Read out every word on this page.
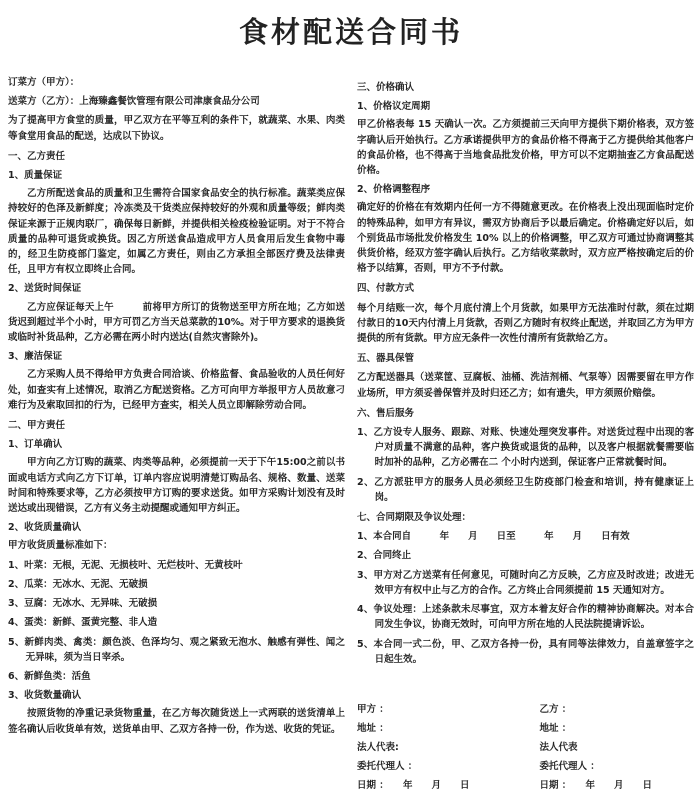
食材配送合同书
订菜方（甲方）：
送菜方（乙方）：上海臻鑫餐饮管理有限公司津康食品分公司
为了提高甲方食堂的质量，甲乙双方在平等互利的条件下，就蔬菜、水果、肉类等食堂用食品的配送，达成以下协议。
一、乙方责任
1、质量保证
乙方所配送食品的质量和卫生需符合国家食品安全的执行标准。蔬菜类应保持较好的色泽及新鲜度；冷冻类及干货类应保持较好的外观和质量等级；鲜肉类保证来源于正规肉联厂，确保每日新鲜，并提供相关检疫检验证明。对于不符合质量的品种可退货或换货。因乙方所送食品造成甲方人员食用后发生食物中毒的，经卫生防疫部门鉴定，如属乙方责任，则由乙方承担全部医疗费及法律责任，且甲方有权立即终止合同。
2、送货时间保证
乙方应保证每天上午　　　前将甲方所订的货物送至甲方所在地；乙方如送货迟到超过半个小时，甲方可罚乙方当天总菜款的10%。对于甲方要求的退换货或临时补货品种，乙方必需在两小时内送达(自然灾害除外)。
3、廉洁保证
乙方采购人员不得给甲方负责合同洽谈、价格监督、食品验收的人员任何好处，如查实有上述情况，取消乙方配送资格。乙方可向甲方举报甲方人员故意刁难行为及索取回扣的行为，已经甲方查实，相关人员立即解除劳动合同。
二、甲方责任
1、订单确认
甲方向乙方订购的蔬菜、肉类等品种，必须提前一天于下午15:00之前以书面或电话方式向乙方下订单，订单内容应说明清楚订购品名、规格、数量、送菜时间和特殊要求等，乙方必须按甲方订购的要求送货。如甲方采购计划没有及时送达或出现错误，乙方有义务主动提醒或通知甲方纠正。
2、收货质量确认
甲方收货质量标准如下：
1、叶菜：无根，无泥、无损枝叶、无烂枝叶、无黄枝叶
2、瓜菜：无冰水、无泥、无破损
3、豆腐：无冰水、无异味、无破损
4、蛋类：新鲜、蛋黄完整、非人造
5、新鲜肉类、禽类：颜色淡、色泽均匀、观之紧致无泡水、触感有弹性、闻之无异味，须为当日宰杀。
6、新鲜鱼类：活鱼
3、收货数量确认
按照货物的净重记录货物重量，在乙方每次随货送上一式两联的送货清单上签名确认后收货单有效，送货单由甲、乙双方各持一份，作为送、收货的凭证。
三、价格确认
1、价格议定周期
甲乙价格表每 15 天确认一次。乙方须提前三天向甲方提供下期价格表，双方签字确认后开始执行。乙方承诺提供甲方的食品价格不得高于乙方提供给其他客户的食品价格，也不得高于当地食品批发价格，甲方可以不定期抽查乙方食品配送价格。
2、价格调整程序
确定好的价格在有效期内任何一方不得随意更改。在价格表上没出现面临时定价的特殊品种，如甲方有异议，需双方协商后予以最后确定。价格确定好以后，如个别货品市场批发价格发生 10% 以上的价格调整，甲乙双方可通过协商调整其供货价格，经双方签字确认后执行。乙方结收菜款时，双方应严格按确定后的价格予以结算，否则，甲方不予付款。
四、付款方式
每个月结账一次，每个月底付清上个月货款，如果甲方无法准时付款，须在过期付款日的10天内付清上月货款，否则乙方随时有权终止配送，并取回乙方为甲方提供的所有货款。甲方应无条件一次性付清所有货款给乙方。
五、器具保管
乙方配送器具（送菜筐、豆腐板、油桶、洗洁剂桶、气泵等）因需要留在甲方作业场所，甲方须妥善保管并及时归还乙方；如有遗失，甲方须照价赔偿。
六、售后服务
1、乙方设专人服务、跟踪、对账、快速处理突发事件。对送货过程中出现的客户对质量不满意的品种，客户换货或退货的品种，以及客户根据就餐需要临时加补的品种，乙方必需在二 个小时内送到，保证客户正常就餐时间。
2、乙方派驻甲方的服务人员必须经卫生防疫部门检查和培训，持有健康证上岗。
七、合同期限及争议处理：
1、本合同自　　　年　　月　　日至　　　年　　月　　日有效
2、合同终止
3、甲方对乙方送菜有任何意见，可随时向乙方反映，乙方应及时改进；改进无效甲方有权中止与乙方的合作。乙方终止合同须提前 15 天通知对方。
4、争议处理：上述条款未尽事宜，双方本着友好合作的精神协商解决。对本合同发生争议，协商无效时，可向甲方所在地的人民法院提请诉讼。
5、本合同一式二份，甲、乙双方各持一份，具有同等法律效力，自盖章签字之日起生效。
甲方 ：
地址 ：
法人代表:
委托代理人 ：
日期 ：　　年　　月　　日
乙方 ：
地址 ：
法人代表
委托代理人 ：
日期 ：　　年　　月　　日
